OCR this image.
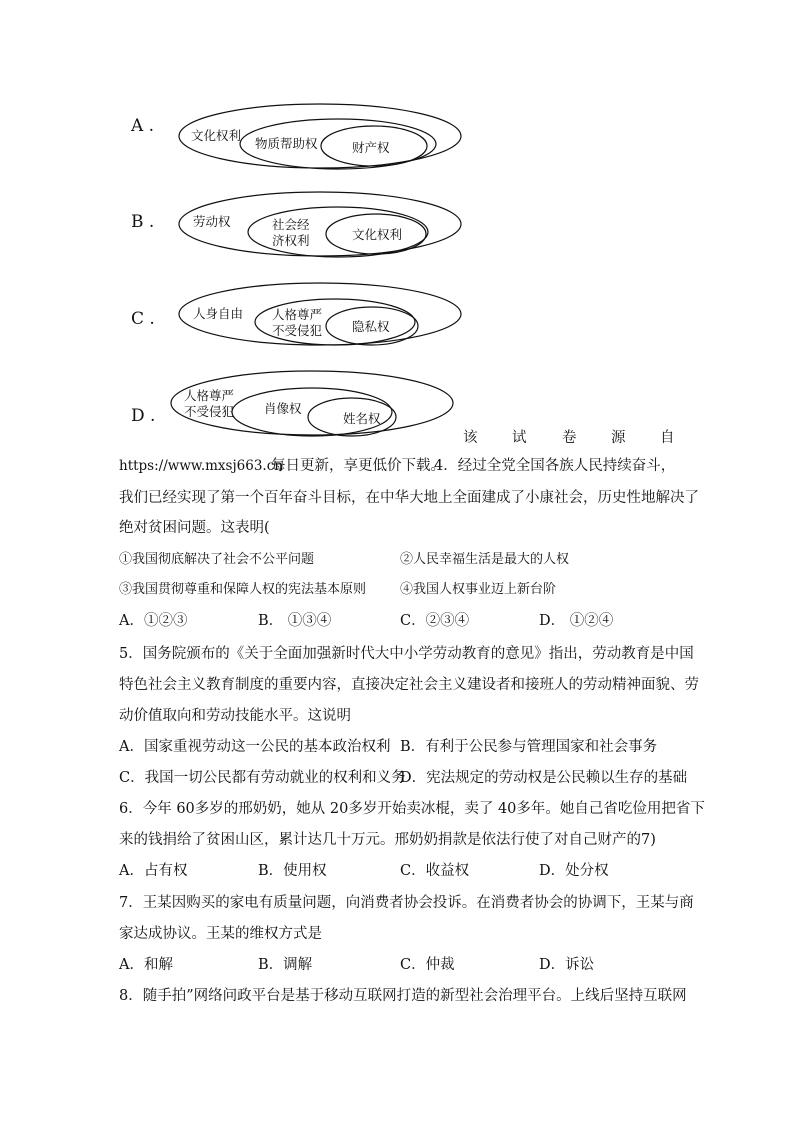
A .	文化权利
物质帮助权	财产权
B .	劳动权	社会经
济权利	文化权利
C .	人身自由 人格尊严
不受侵犯 隐私权
D .
人格尊严
不受侵犯 肖像权
姓名权
该 试 卷 源 自
https://www.mxsj663.cn
每日更新，享更低价下载。
4．经过全党全国各族人民持续奋斗，
我们已经实现了第一个百年奋斗目标，在中华大地上全面建成了小康社会，历史性地解决了
绝对贫困问题。这表明(
①我国彻底解决了社会不公平问题	②人民幸福生活是最大的人权
③我国贯彻尊重和保障人权的宪法基本原则	④我国人权事业迈上新台阶
A．①②③	B． ①③④	C．②③④	D． ①②④
5．国务院颁布的《关于全面加强新时代大中小学劳动教育的意见》指出，劳动教育是中国
特色社会主义教育制度的重要内容，直接决定社会主义建设者和接班人的劳动精神面貌、劳
动价值取向和劳动技能水平。这说明
A．国家重视劳动这一公民的基本政治权利 B．有利于公民参与管理国家和社会事务
C．我国一切公民都有劳动就业的权利和义务
D．宪法规定的劳动权是公民赖以生存的基础
6．今年 60多岁的邢奶奶，她从 20多岁开始卖冰棍，卖了 40多年。她自己省吃俭用把省下
来的钱捐给了贫困山区，累计达几十万元。邢奶奶捐款是依法行使了对自己财产的7)
A．占有权	B．使用权	C．收益权	D．处分权
7．王某因购买的家电有质量问题，向消费者协会投诉。在消费者协会的协调下，王某与商
家达成协议。王某的维权方式是
A．和解	B．调解	C．仲裁	D．诉讼
8．随手拍”网络问政平台是基于移动互联网打造的新型社会治理平台。上线后坚持互联网
